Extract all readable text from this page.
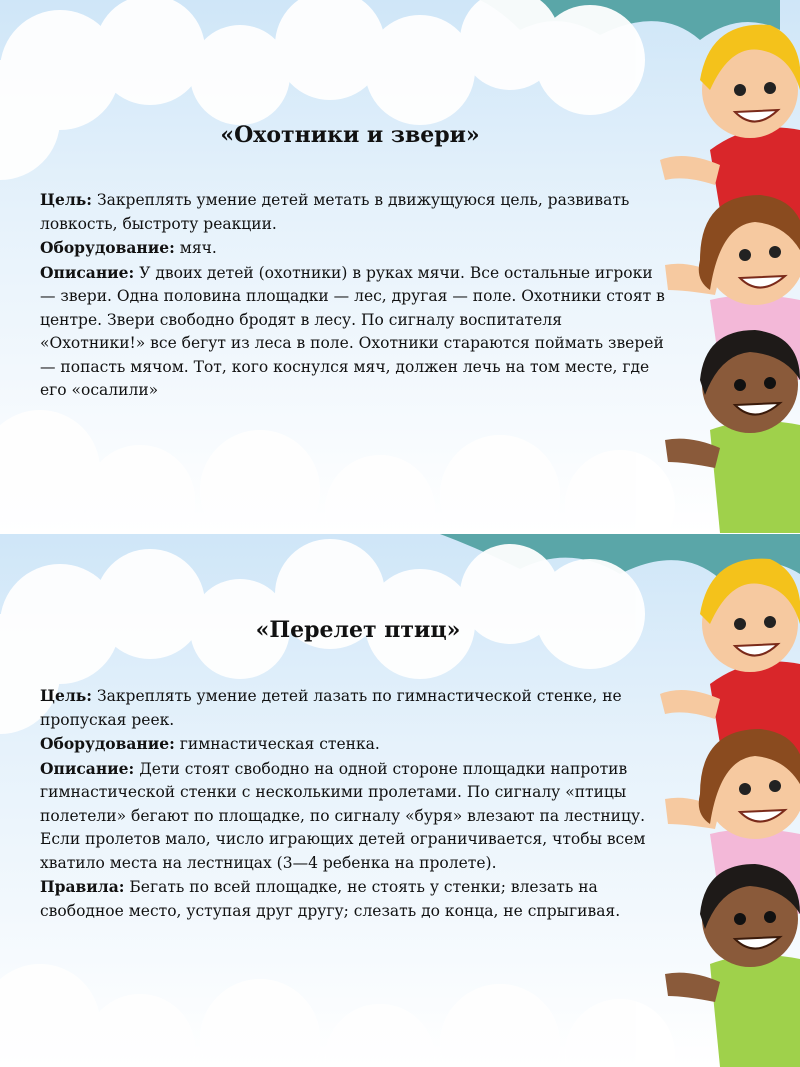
«Охотники и звери»

Цель: Закреплять умение детей метать в движущуюся цель, развивать ловкость, быстроту реакции.

Оборудование: мяч.

Описание: У двоих детей (охотники) в руках мячи. Все остальные игроки — звери. Одна половина площадки — лес, другая — поле. Охотники стоят в центре. Звери свободно бродят в лесу. По сигналу воспитателя «Охотники!» все бегут из леса в поле. Охотники стараются поймать зверей — попасть мячом. Тот, кого коснулся мяч, должен лечь на том месте, где его «осалили»

«Перелет птиц»

Цель: Закреплять умение детей лазать по гимнастической стенке, не пропуская реек.

Оборудование: гимнастическая стенка.

Описание: Дети стоят свободно на одной стороне площадки напротив гимнастической стенки с несколькими пролетами. По сигналу «птицы полетели» бегают по площадке, по сигналу «буря» влезают па лестницу. Если пролетов мало, число играющих детей ограничивается, чтобы всем хватило места на лестницах (3—4 ребенка на пролете).

Правила: Бегать по всей площадке, не стоять у стенки; влезать на свободное место, уступая друг другу; слезать до конца, не спрыгивая.
